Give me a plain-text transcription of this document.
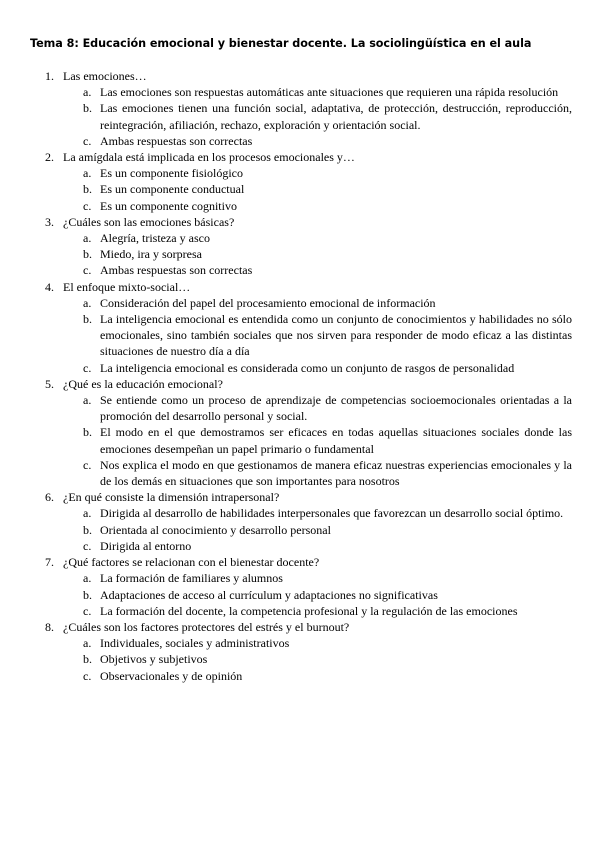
Tema 8: Educación emocional y bienestar docente. La sociolingüística en el aula
1. Las emociones…
a. Las emociones son respuestas automáticas ante situaciones que requieren una rápida resolución
b. Las emociones tienen una función social, adaptativa, de protección, destrucción, reproducción, reintegración, afiliación, rechazo, exploración y orientación social.
c. Ambas respuestas son correctas
2. La amígdala está implicada en los procesos emocionales y…
a. Es un componente fisiológico
b. Es un componente conductual
c. Es un componente cognitivo
3. ¿Cuáles son las emociones básicas?
a. Alegría, tristeza y asco
b. Miedo, ira y sorpresa
c. Ambas respuestas son correctas
4. El enfoque mixto-social…
a. Consideración del papel del procesamiento emocional de información
b. La inteligencia emocional es entendida como un conjunto de conocimientos y habilidades no sólo emocionales, sino también sociales que nos sirven para responder de modo eficaz a las distintas situaciones de nuestro día a día
c. La inteligencia emocional es considerada como un conjunto de rasgos de personalidad
5. ¿Qué es la educación emocional?
a. Se entiende como un proceso de aprendizaje de competencias socioemocionales orientadas a la promoción del desarrollo personal y social.
b. El modo en el que demostramos ser eficaces en todas aquellas situaciones sociales donde las emociones desempeñan un papel primario o fundamental
c. Nos explica el modo en que gestionamos de manera eficaz nuestras experiencias emocionales y la de los demás en situaciones que son importantes para nosotros
6. ¿En qué consiste la dimensión intrapersonal?
a. Dirigida al desarrollo de habilidades interpersonales que favorezcan un desarrollo social óptimo.
b. Orientada al conocimiento y desarrollo personal
c. Dirigida al entorno
7. ¿Qué factores se relacionan con el bienestar docente?
a. La formación de familiares y alumnos
b. Adaptaciones de acceso al currículum y adaptaciones no significativas
c. La formación del docente, la competencia profesional y la regulación de las emociones
8. ¿Cuáles son los factores protectores del estrés y el burnout?
a. Individuales, sociales y administrativos
b. Objetivos y subjetivos
c. Observacionales y de opinión
